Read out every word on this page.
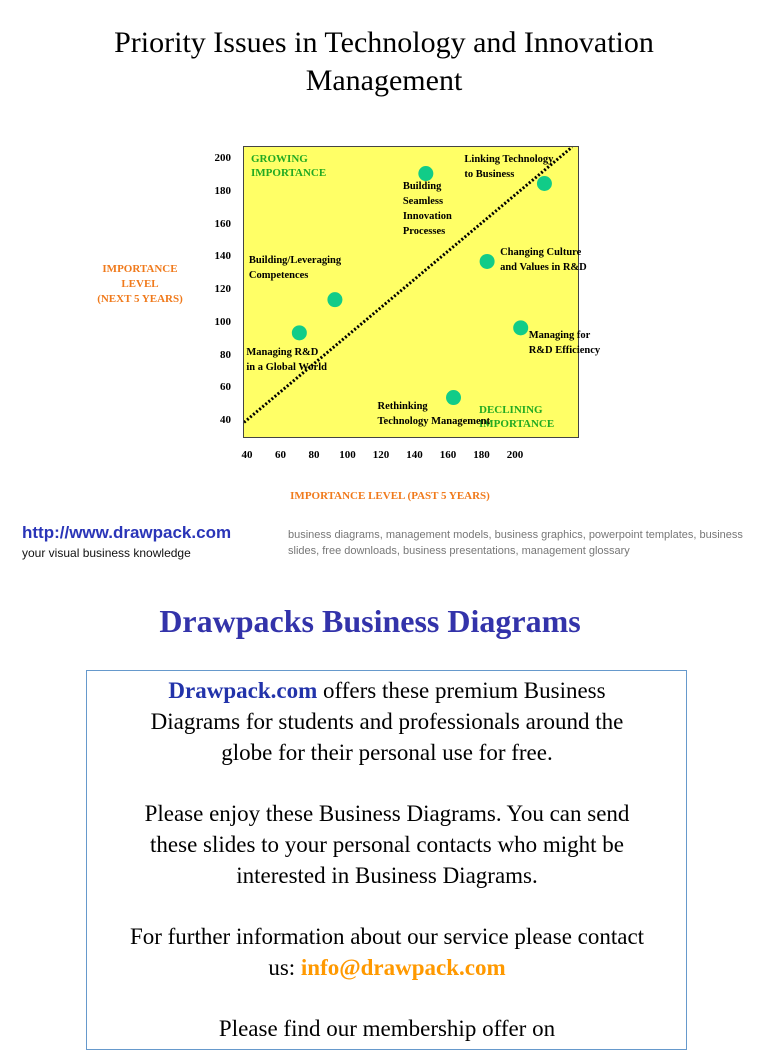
Priority Issues in Technology and Innovation
Management
IMPORTANCE
LEVEL
(NEXT 5 YEARS)
200
180
160
140
120
100
80
60
40
40	60	80	100	120	140	160	180	200
GROWING
IMPORTANCE
DECLINING
IMPORTANCE
Building
Seamless
Innovation
Processes
Linking Technology
to Business
Changing Culture
and Values in R&D
Building/Leveraging
Competences
Managing R&D
in a Global World
Managing for
R&D Efficiency
Rethinking
Technology Management
IMPORTANCE LEVEL (PAST 5 YEARS)
http://www.drawpack.com
your visual business knowledge
business diagrams, management models, business graphics, powerpoint templates, business slides, free downloads, business presentations, management glossary
Drawpacks Business Diagrams
Drawpack.com offers these premium Business
Diagrams for students and professionals around the
globe for their personal use for free.
Please enjoy these Business Diagrams. You can send
these slides to your personal contacts who might be
interested in Business Diagrams.
For further information about our service please contact
us: info@drawpack.com
Please find our membership offer on
